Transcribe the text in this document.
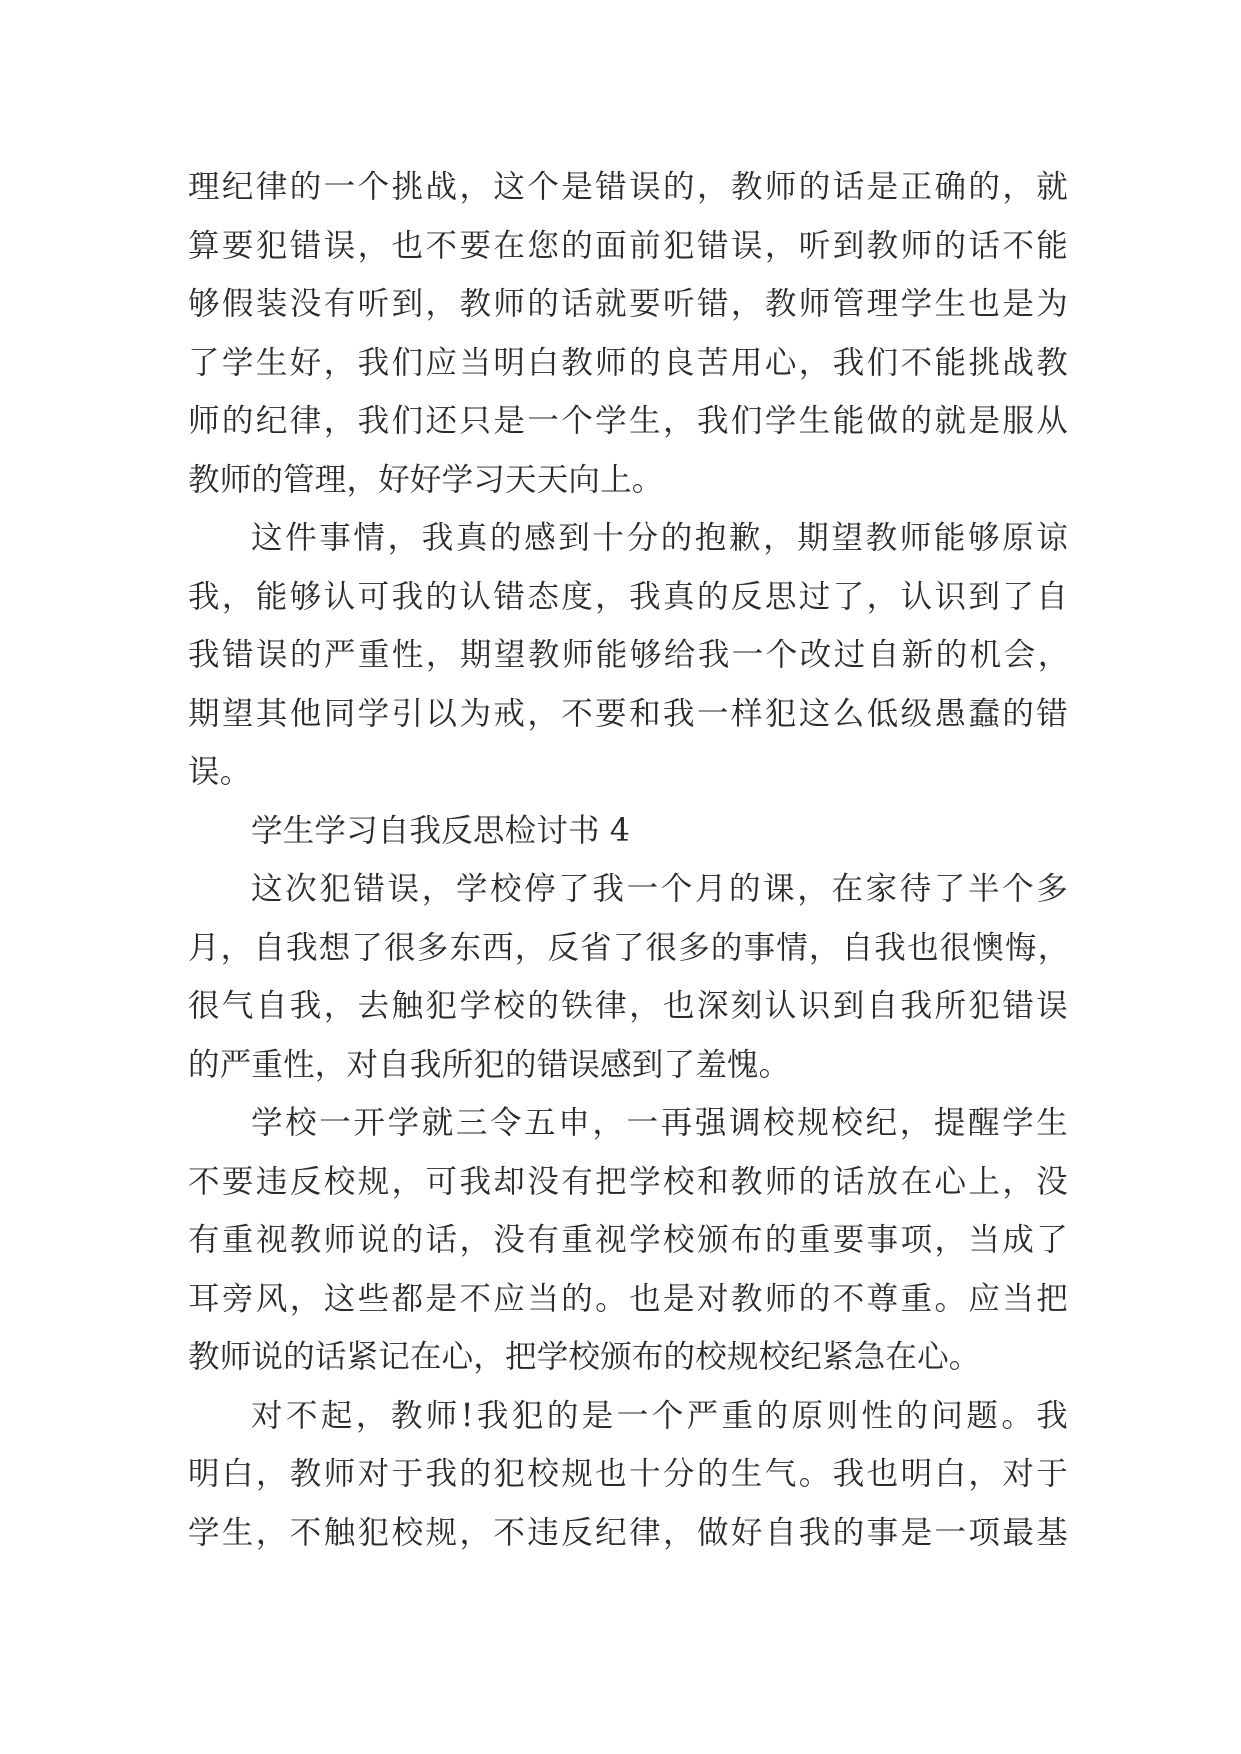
理纪律的一个挑战，这个是错误的，教师的话是正确的，就
算要犯错误，也不要在您的面前犯错误，听到教师的话不能
够假装没有听到，教师的话就要听错，教师管理学生也是为
了学生好，我们应当明白教师的良苦用心，我们不能挑战教
师的纪律，我们还只是一个学生，我们学生能做的就是服从
教师的管理，好好学习天天向上。
这件事情，我真的感到十分的抱歉，期望教师能够原谅
我，能够认可我的认错态度，我真的反思过了，认识到了自
我错误的严重性，期望教师能够给我一个改过自新的机会，
期望其他同学引以为戒，不要和我一样犯这么低级愚蠢的错
误。
学生学习自我反思检讨书 4
这次犯错误，学校停了我一个月的课，在家待了半个多
月，自我想了很多东西，反省了很多的事情，自我也很懊悔，
很气自我，去触犯学校的铁律，也深刻认识到自我所犯错误
的严重性，对自我所犯的错误感到了羞愧。
学校一开学就三令五申，一再强调校规校纪，提醒学生
不要违反校规，可我却没有把学校和教师的话放在心上，没
有重视教师说的话，没有重视学校颁布的重要事项，当成了
耳旁风，这些都是不应当的。也是对教师的不尊重。应当把
教师说的话紧记在心，把学校颁布的校规校纪紧急在心。
对不起，教师!我犯的是一个严重的原则性的问题。我
明白，教师对于我的犯校规也十分的生气。我也明白，对于
学生，不触犯校规，不违反纪律，做好自我的事是一项最基
